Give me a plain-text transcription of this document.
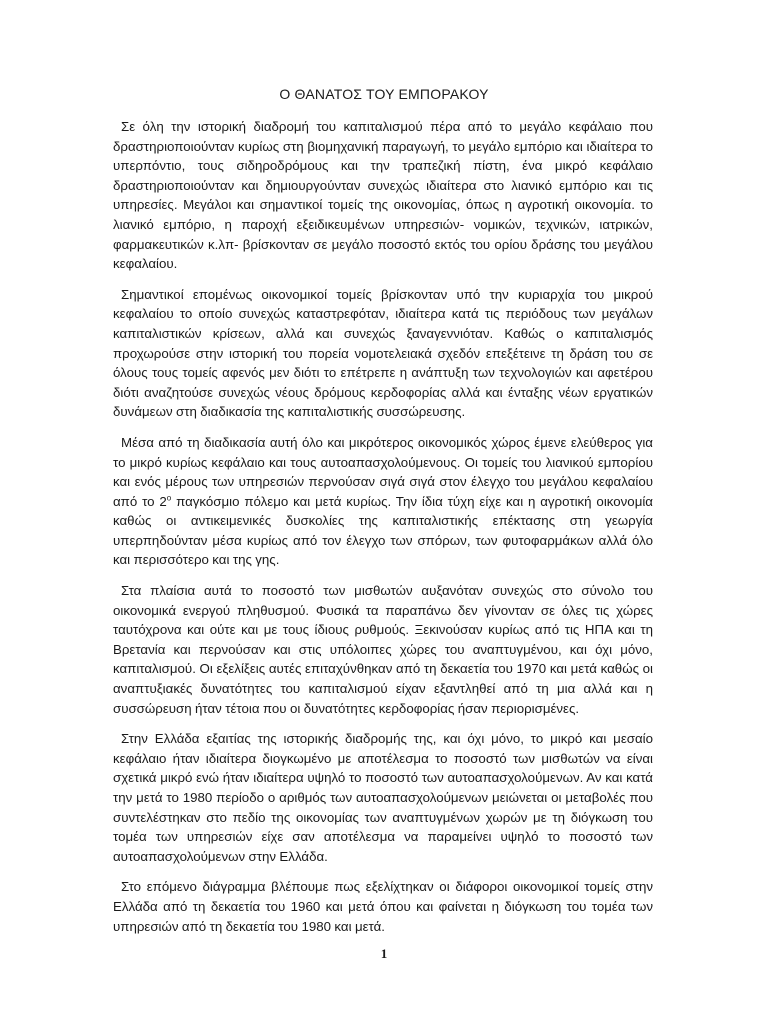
Ο ΘΑΝΑΤΟΣ ΤΟΥ ΕΜΠΟΡΑΚΟΥ

Σε όλη την ιστορική διαδρομή του καπιταλισμού πέρα από το μεγάλο κεφάλαιο που δραστηριοποιούνταν κυρίως στη βιομηχανική παραγωγή, το μεγάλο εμπόριο και ιδιαίτερα το υπερπόντιο, τους σιδηροδρόμους και την τραπεζική πίστη, ένα μικρό κεφάλαιο δραστηριοποιούνταν και δημιουργούνταν συνεχώς ιδιαίτερα στο λιανικό εμπόριο και τις υπηρεσίες. Μεγάλοι και σημαντικοί τομείς της οικονομίας, όπως η αγροτική οικονομία. το λιανικό εμπόριο, η παροχή εξειδικευμένων υπηρεσιών- νομικών, τεχνικών, ιατρικών, φαρμακευτικών κ.λπ- βρίσκονταν σε μεγάλο ποσοστό εκτός του ορίου δράσης του μεγάλου κεφαλαίου.

Σημαντικοί επομένως οικονομικοί τομείς βρίσκονταν υπό την κυριαρχία του μικρού κεφαλαίου το οποίο συνεχώς καταστρεφόταν, ιδιαίτερα κατά τις περιόδους των μεγάλων καπιταλιστικών κρίσεων, αλλά και συνεχώς ξαναγεννιόταν. Καθώς ο καπιταλισμός προχωρούσε στην ιστορική του πορεία νομοτελειακά σχεδόν επεξέτεινε τη δράση του σε όλους τους τομείς αφενός μεν διότι το επέτρεπε η ανάπτυξη των τεχνολογιών και αφετέρου διότι αναζητούσε συνεχώς νέους δρόμους κερδοφορίας αλλά και ένταξης νέων εργατικών δυνάμεων στη διαδικασία της καπιταλιστικής συσσώρευσης.

Μέσα από τη διαδικασία αυτή όλο και μικρότερος οικονομικός χώρος έμενε ελεύθερος για το μικρό κυρίως κεφάλαιο και τους αυτοαπασχολούμενους. Οι τομείς του λιανικού εμπορίου και ενός μέρους των υπηρεσιών περνούσαν σιγά σιγά στον έλεγχο του μεγάλου κεφαλαίου από το $2^o$ παγκόσμιο πόλεμο και μετά κυρίως. Την ίδια τύχη είχε και η αγροτική οικονομία καθώς οι αντικειμενικές δυσκολίες της καπιταλιστικής επέκτασης στη γεωργία υπερπηδούνταν μέσα κυρίως από τον έλεγχο των σπόρων, των φυτοφαρμάκων αλλά όλο και περισσότερο και της γης.

Στα πλαίσια αυτά το ποσοστό των μισθωτών αυξανόταν συνεχώς στο σύνολο του οικονομικά ενεργού πληθυσμού. Φυσικά τα παραπάνω δεν γίνονταν σε όλες τις χώρες ταυτόχρονα και ούτε και με τους ίδιους ρυθμούς. Ξεκινούσαν κυρίως από τις ΗΠΑ και τη Βρετανία και περνούσαν και στις υπόλοιπες χώρες του αναπτυγμένου, και όχι μόνο, καπιταλισμού. Οι εξελίξεις αυτές επιταχύνθηκαν από τη δεκαετία του 1970 και μετά καθώς οι αναπτυξιακές δυνατότητες του καπιταλισμού είχαν εξαντληθεί από τη μια αλλά και η συσσώρευση ήταν τέτοια που οι δυνατότητες κερδοφορίας ήσαν περιορισμένες.

Στην Ελλάδα εξαιτίας της ιστορικής διαδρομής της, και όχι μόνο, το μικρό και μεσαίο κεφάλαιο ήταν ιδιαίτερα διογκωμένο με αποτέλεσμα το ποσοστό των μισθωτών να είναι σχετικά μικρό ενώ ήταν ιδιαίτερα υψηλό το ποσοστό των αυτοαπασχολούμενων. Αν και κατά την μετά το 1980 περίοδο ο αριθμός των αυτοαπασχολούμενων μειώνεται οι μεταβολές που συντελέστηκαν στο πεδίο της οικονομίας των αναπτυγμένων χωρών με τη διόγκωση του τομέα των υπηρεσιών είχε σαν αποτέλεσμα να παραμείνει υψηλό το ποσοστό των αυτοαπασχολούμενων στην Ελλάδα.

Στο επόμενο διάγραμμα βλέπουμε πως εξελίχτηκαν οι διάφοροι οικονομικοί τομείς στην Ελλάδα από τη δεκαετία του 1960 και μετά όπου και φαίνεται η διόγκωση του τομέα των υπηρεσιών από τη δεκαετία του 1980 και μετά.

1
